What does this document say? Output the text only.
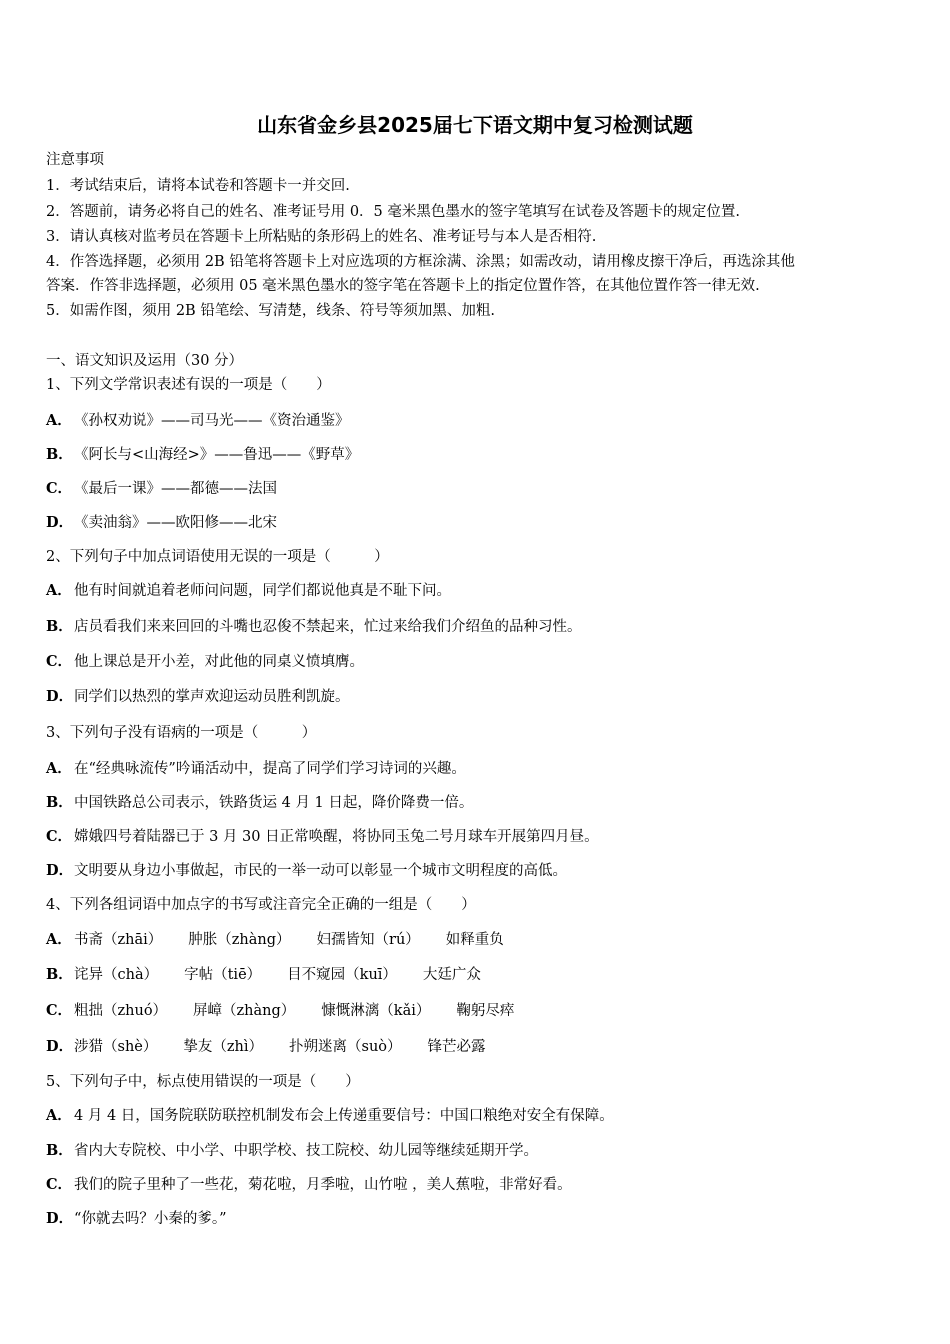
山东省金乡县2025届七下语文期中复习检测试题
注意事项
1．考试结束后，请将本试卷和答题卡一并交回.
2．答题前，请务必将自己的姓名、准考证号用 0．5 毫米黑色墨水的签字笔填写在试卷及答题卡的规定位置.
3．请认真核对监考员在答题卡上所粘贴的条形码上的姓名、准考证号与本人是否相符.
4．作答选择题，必须用 2B 铅笔将答题卡上对应选项的方框涂满、涂黑；如需改动，请用橡皮擦干净后，再选涂其他
答案．作答非选择题，必须用 05 毫米黑色墨水的签字笔在答题卡上的指定位置作答，在其他位置作答一律无效.
5．如需作图，须用 2B 铅笔绘、写清楚，线条、符号等须加黑、加粗.
一、语文知识及运用（30 分）
1、下列文学常识表述有误的一项是（　　）
A． 《孙权劝说》——司马光——《资治通鉴》
B．《阿长与<山海经>》——鲁迅——《野草》
C． 《最后一课》——都德——法国
D．《卖油翁》——欧阳修——北宋
2、下列句子中加点词语使用无误的一项是（　　　）
A． 他有时间就追着老师问问题，同学们都说他真是不耻下问。
B．店员看我们来来回回的斗嘴也忍俊不禁起来，忙过来给我们介绍鱼的品种习性。
C． 他上课总是开小差，对此他的同桌义愤填膺。
D．同学们以热烈的掌声欢迎运动员胜利凯旋。
3、下列句子没有语病的一项是（　　　）
A． 在“经典咏流传”吟诵活动中，提高了同学们学习诗词的兴趣。
B．中国铁路总公司表示，铁路货运 4 月 1 日起，降价降费一倍。
C． 嫦娥四号着陆器已于 3 月 30 日正常唤醒，将协同玉兔二号月球车开展第四月昼。
D．文明要从身边小事做起，市民的一举一动可以彰显一个城市文明程度的高低。
4、下列各组词语中加点字的书写或注音完全正确的一组是（　　）
A． 书斋（zhāi） 肿胀（zhàng） 妇孺皆知（rú） 如释重负
B．诧异（chà） 字帖（tiē） 目不窥园（kuī） 大廷广众
C． 粗拙（zhuó） 屏嶂（zhàng） 慷慨淋漓（kǎi） 鞠躬尽瘁
D．涉猎（shè） 挚友（zhì） 扑朔迷离（suò） 锋芒必露
5、下列句子中，标点使用错误的一项是（　　）
A． 4 月 4 日，国务院联防联控机制发布会上传递重要信号：中国口粮绝对安全有保障。
B．省内大专院校、中小学、中职学校、技工院校、幼儿园等继续延期开学。
C． 我们的院子里种了一些花，菊花啦，月季啦，山竹啦 ，美人蕉啦，非常好看。
D．“你就去吗？小秦的爹。”
